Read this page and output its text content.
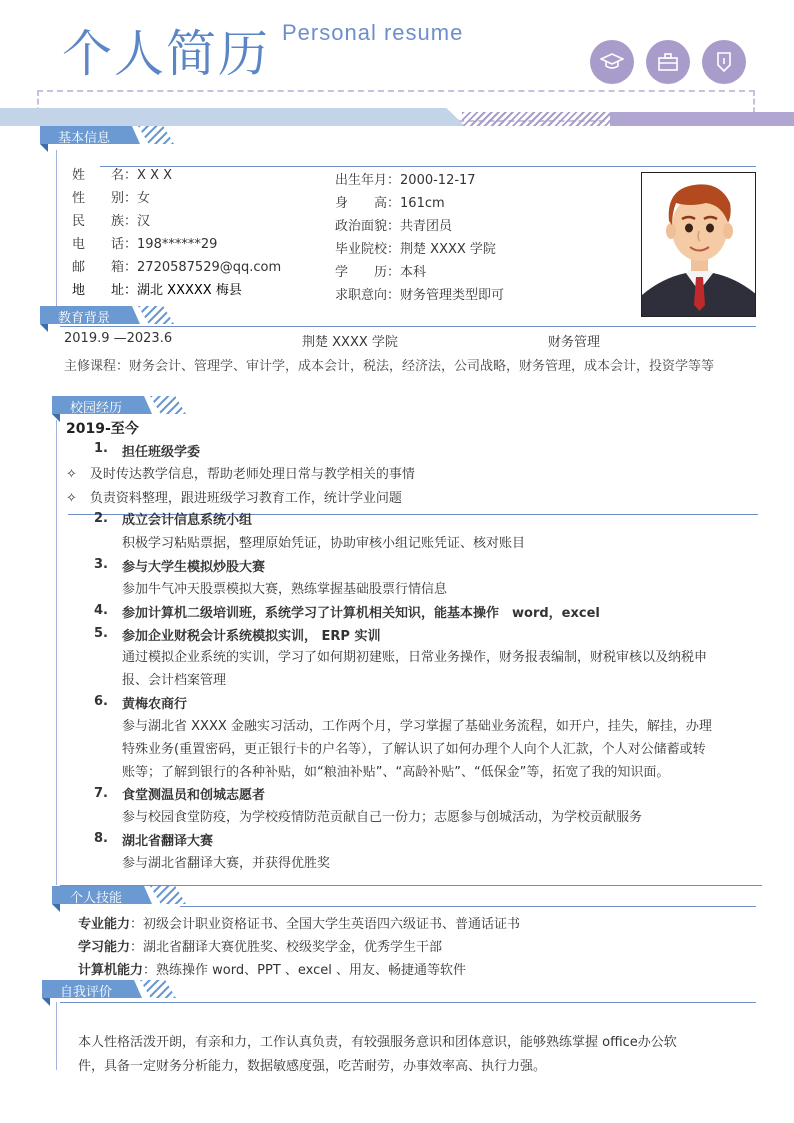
个人简历 Personal resume
基本信息
姓　　名：X X X
性　　别：女
民　　族：汉
电　　话：198******29
邮　　箱：2720587529@qq.com
地　　址：湖北 XXXXX 梅县
出生年月：2000-12-17
身　　高：161cm
政治面貌：共青团员
毕业院校：荆楚 XXXX 学院
学　　历：本科
求职意向：财务管理类型即可
教育背景
2019.9 —2023.6	荆楚 XXXX 学院	财务管理
主修课程：财务会计、管理学、审计学，成本会计，税法，经济法，公司战略，财务管理，成本会计，投资学等等
校园经历
2019-至今
1. 担任班级学委
✧　 及时传达教学信息，帮助老师处理日常与教学相关的事情
✧　 负责资料整理，跟进班级学习教育工作，统计学业问题
2. 成立会计信息系统小组
积极学习粘贴票据，整理原始凭证，协助审核小组记账凭证、核对账目
3. 参与大学生模拟炒股大赛
参加牛气冲天股票模拟大赛，熟练掌握基础股票行情信息
4. 参加计算机二级培训班，系统学习了计算机相关知识，能基本操作　word，excel
5. 参加企业财税会计系统模拟实训， ERP 实训
通过模拟企业系统的实训，学习了如何期初建账，日常业务操作，财务报表编制，财税审核以及纳税申
报、会计档案管理
6. 黄梅农商行
参与湖北省 XXXX 金融实习活动，工作两个月，学习掌握了基础业务流程，如开户，挂失，解挂，办理
特殊业务(重置密码，更正银行卡的户名等），了解认识了如何办理个人向个人汇款，个人对公储蓄或转
账等；了解到银行的各种补贴，如“粮油补贴”、“高龄补贴”、“低保金”等，拓宽了我的知识面。
7. 食堂测温员和创城志愿者
参与校园食堂防疫，为学校疫情防范贡献自己一份力；志愿参与创城活动，为学校贡献服务
8. 湖北省翻译大赛
参与湖北省翻译大赛，并获得优胜奖
个人技能
专业能力：初级会计职业资格证书、全国大学生英语四六级证书、普通话证书
学习能力：湖北省翻译大赛优胜奖、校级奖学金，优秀学生干部
计算机能力：熟练操作 word、PPT 、excel 、用友、畅捷通等软件
自我评价
本人性格活泼开朗，有亲和力，工作认真负责，有较强服务意识和团体意识，能够熟练掌握 office办公软
件，具备一定财务分析能力，数据敏感度强，吃苦耐劳，办事效率高、执行力强。
